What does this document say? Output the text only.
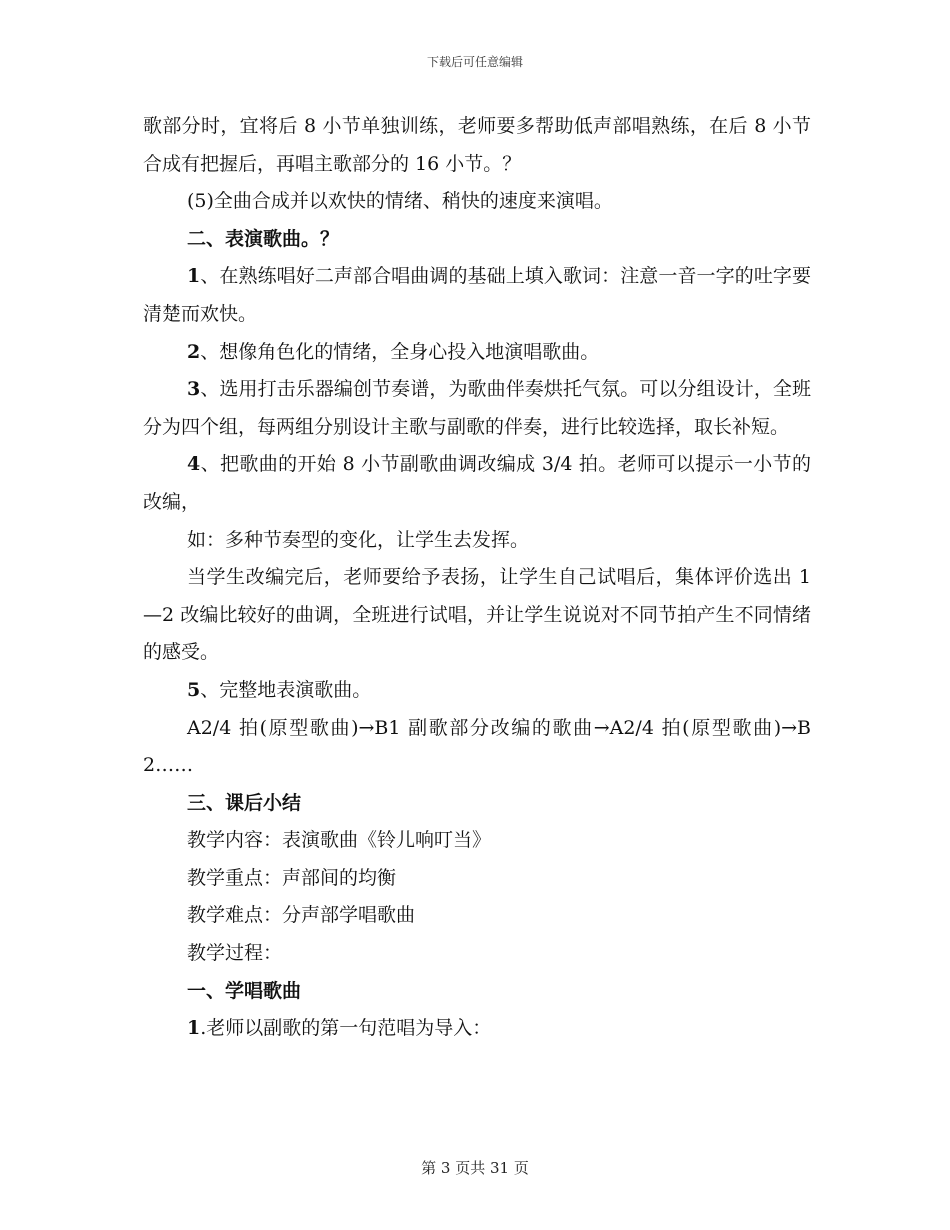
下载后可任意编辑

歌部分时，宜将后 8 小节单独训练，老师要多帮助低声部唱熟练，在后 8 小节合成有把握后，再唱主歌部分的 16 小节。？

(5)全曲合成并以欢快的情绪、稍快的速度来演唱。

二、表演歌曲。？

1、在熟练唱好二声部合唱曲调的基础上填入歌词：注意一音一字的吐字要清楚而欢快。

2、想像角色化的情绪，全身心投入地演唱歌曲。

3、选用打击乐器编创节奏谱，为歌曲伴奏烘托气氛。可以分组设计，全班分为四个组，每两组分别设计主歌与副歌的伴奏，进行比较选择，取长补短。

4、把歌曲的开始 8 小节副歌曲调改编成 3/4 拍。老师可以提示一小节的改编，

如：多种节奏型的变化，让学生去发挥。

当学生改编完后，老师要给予表扬，让学生自己试唱后，集体评价选出 1—2 改编比较好的曲调，全班进行试唱，并让学生说说对不同节拍产生不同情绪的感受。

5、完整地表演歌曲。

A2/4 拍(原型歌曲)→B1 副歌部分改编的歌曲→A2/4 拍(原型歌曲)→B2……

三、课后小结

教学内容：表演歌曲《铃儿响叮当》

教学重点：声部间的均衡

教学难点：分声部学唱歌曲

教学过程：

一、学唱歌曲

1.老师以副歌的第一句范唱为导入：

第 3 页共 31 页
